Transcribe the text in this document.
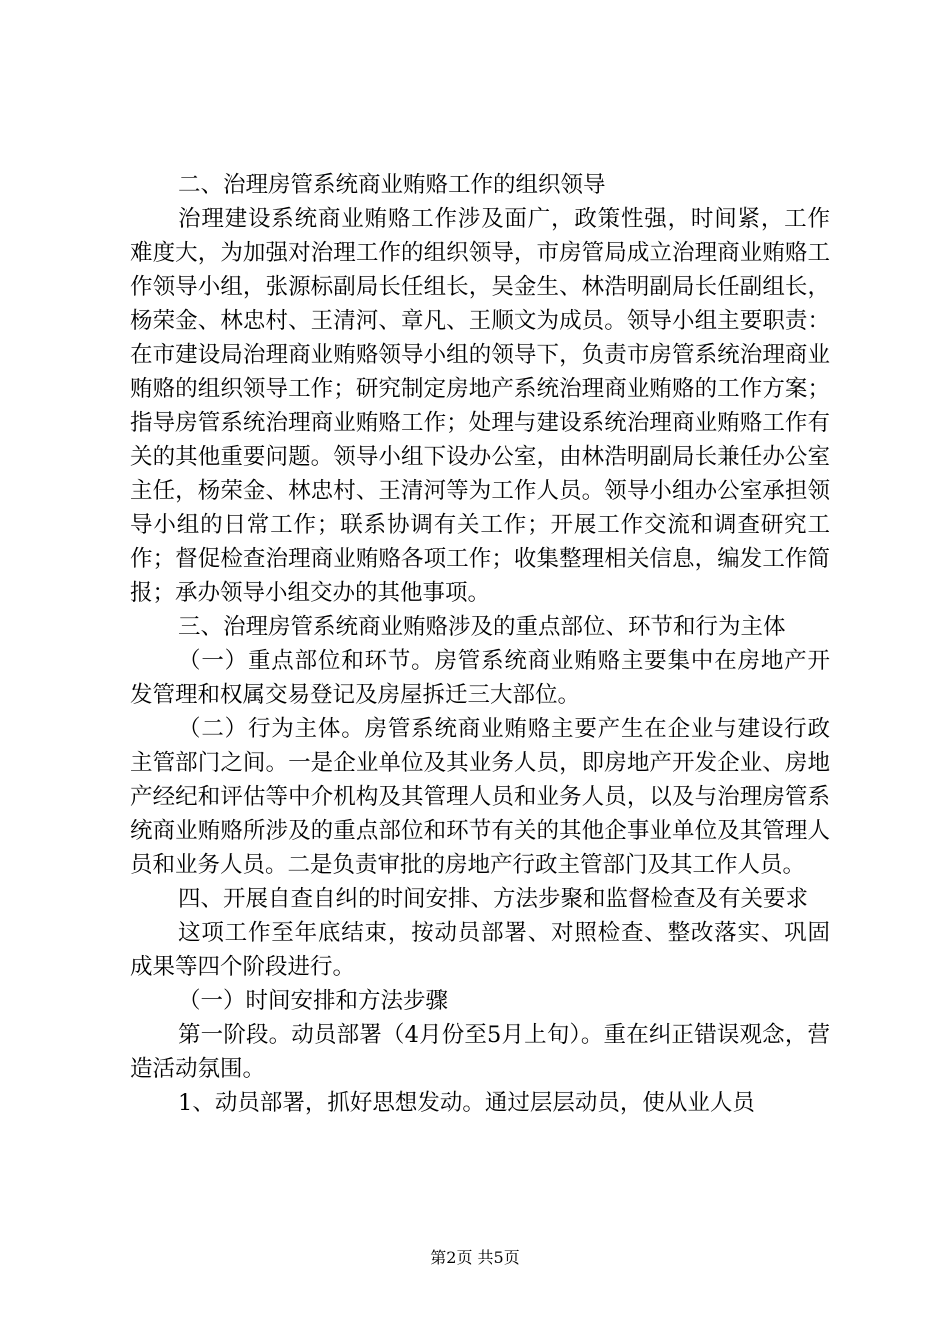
二、治理房管系统商业贿赂工作的组织领导

治理建设系统商业贿赂工作涉及面广，政策性强，时间紧，工作难度大，为加强对治理工作的组织领导，市房管局成立治理商业贿赂工作领导小组，张源标副局长任组长，吴金生、林浩明副局长任副组长，杨荣金、林忠村、王清河、章凡、王顺文为成员。领导小组主要职责：在市建设局治理商业贿赂领导小组的领导下，负责市房管系统治理商业贿赂的组织领导工作；研究制定房地产系统治理商业贿赂的工作方案；指导房管系统治理商业贿赂工作；处理与建设系统治理商业贿赂工作有关的其他重要问题。领导小组下设办公室，由林浩明副局长兼任办公室主任，杨荣金、林忠村、王清河等为工作人员。领导小组办公室承担领导小组的日常工作；联系协调有关工作；开展工作交流和调查研究工作；督促检查治理商业贿赂各项工作；收集整理相关信息，编发工作简报；承办领导小组交办的其他事项。

三、治理房管系统商业贿赂涉及的重点部位、环节和行为主体

（一）重点部位和环节。房管系统商业贿赂主要集中在房地产开发管理和权属交易登记及房屋拆迁三大部位。

（二）行为主体。房管系统商业贿赂主要产生在企业与建设行政主管部门之间。一是企业单位及其业务人员，即房地产开发企业、房地产经纪和评估等中介机构及其管理人员和业务人员，以及与治理房管系统商业贿赂所涉及的重点部位和环节有关的其他企事业单位及其管理人员和业务人员。二是负责审批的房地产行政主管部门及其工作人员。

四、开展自查自纠的时间安排、方法步聚和监督检查及有关要求

这项工作至年底结束，按动员部署、对照检查、整改落实、巩固成果等四个阶段进行。

（一）时间安排和方法步骤

第一阶段。动员部署（4月份至5月上旬）。重在纠正错误观念，营造活动氛围。

1、动员部署，抓好思想发动。通过层层动员，使从业人员

第2页 共5页
